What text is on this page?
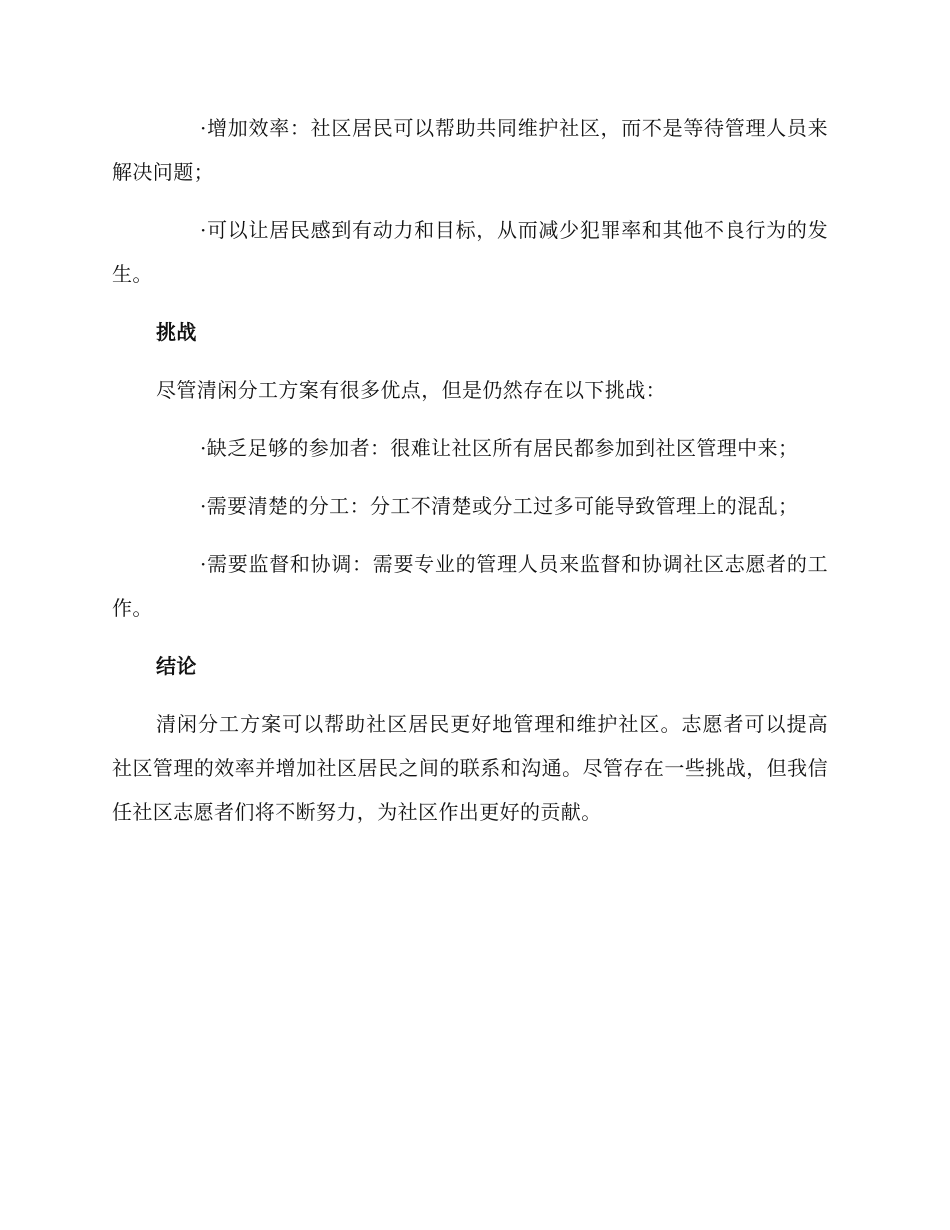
·增加效率：社区居民可以帮助共同维护社区，而不是等待管理人员来解决问题；

·可以让居民感到有动力和目标，从而减少犯罪率和其他不良行为的发生。

挑战

尽管清闲分工方案有很多优点，但是仍然存在以下挑战：

·缺乏足够的参加者：很难让社区所有居民都参加到社区管理中来；

·需要清楚的分工：分工不清楚或分工过多可能导致管理上的混乱；

·需要监督和协调：需要专业的管理人员来监督和协调社区志愿者的工作。

结论

清闲分工方案可以帮助社区居民更好地管理和维护社区。志愿者可以提高社区管理的效率并增加社区居民之间的联系和沟通。尽管存在一些挑战，但我信任社区志愿者们将不断努力，为社区作出更好的贡献。
